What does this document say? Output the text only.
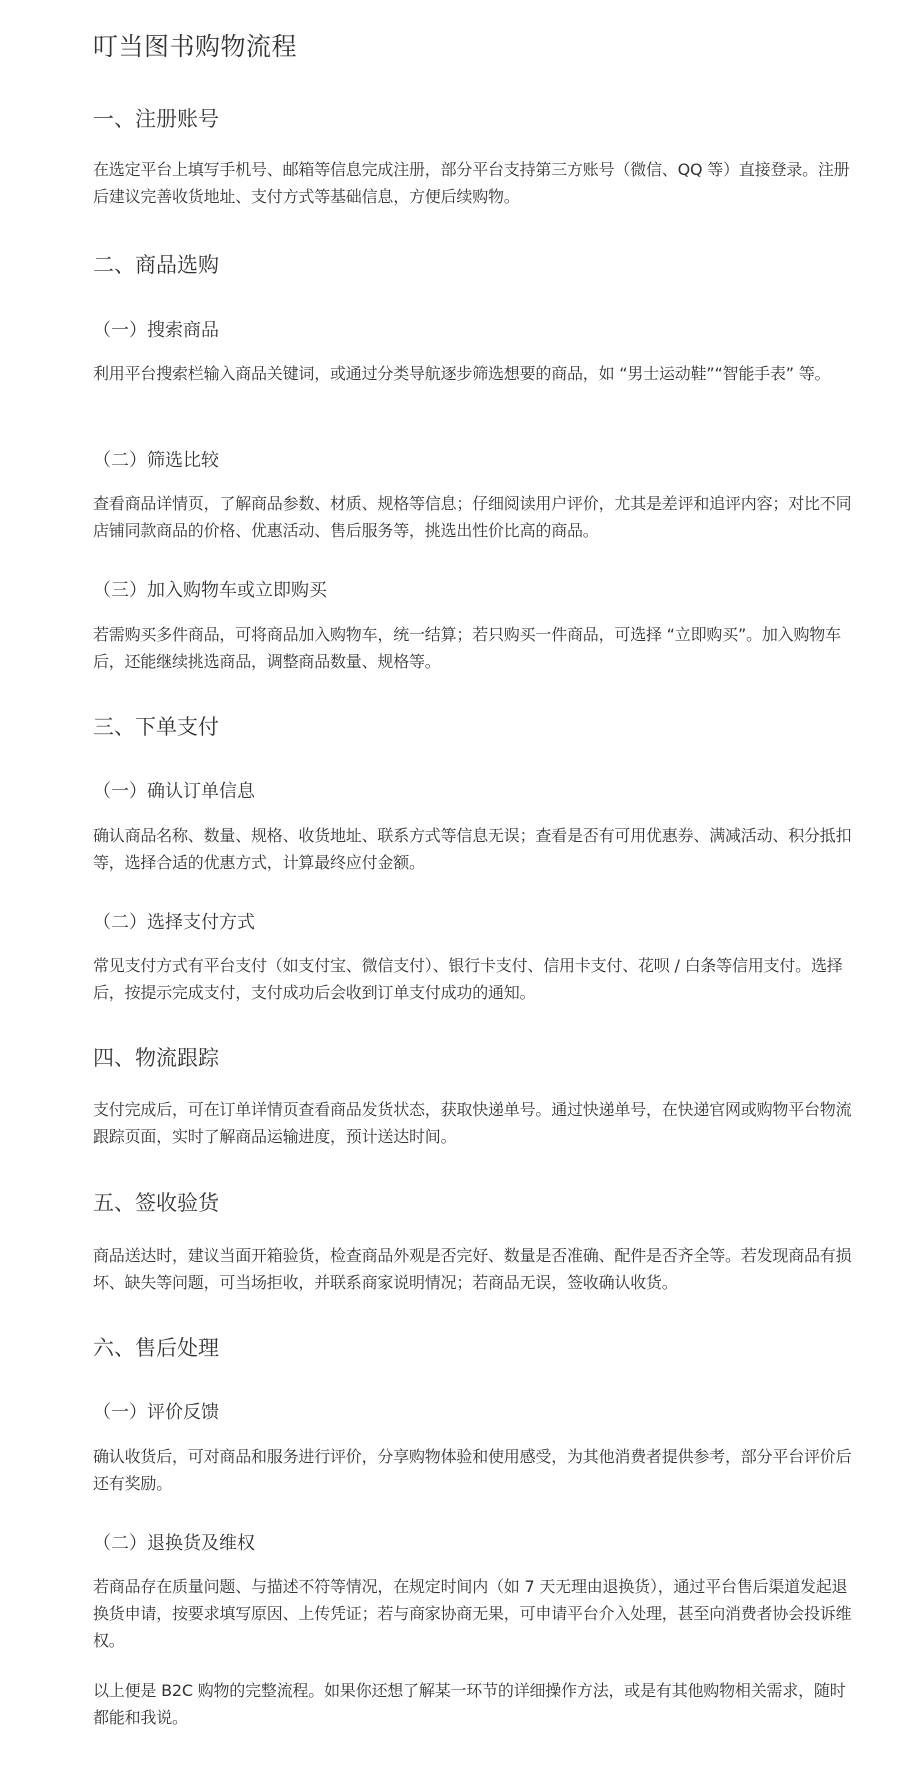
叮当图书购物流程
一、注册账号

在选定平台上填写手机号、邮箱等信息完成注册，部分平台支持第三方账号（微信、QQ 等）直接登录。注册后建议完善收货地址、支付方式等基础信息，方便后续购物。

二、商品选购
（一）搜索商品

利用平台搜索栏输入商品关键词，或通过分类导航逐步筛选想要的商品，如 “男士运动鞋”“智能手表” 等。

（二）筛选比较

查看商品详情页，了解商品参数、材质、规格等信息；仔细阅读用户评价，尤其是差评和追评内容；对比不同店铺同款商品的价格、优惠活动、售后服务等，挑选出性价比高的商品。

（三）加入购物车或立即购买

若需购买多件商品，可将商品加入购物车，统一结算；若只购买一件商品，可选择 “立即购买”。加入购物车后，还能继续挑选商品，调整商品数量、规格等。

三、下单支付
（一）确认订单信息

确认商品名称、数量、规格、收货地址、联系方式等信息无误；查看是否有可用优惠券、满减活动、积分抵扣等，选择合适的优惠方式，计算最终应付金额。

（二）选择支付方式

常见支付方式有平台支付（如支付宝、微信支付）、银行卡支付、信用卡支付、花呗 / 白条等信用支付。选择后，按提示完成支付，支付成功后会收到订单支付成功的通知。

四、物流跟踪

支付完成后，可在订单详情页查看商品发货状态，获取快递单号。通过快递单号，在快递官网或购物平台物流跟踪页面，实时了解商品运输进度，预计送达时间。

五、签收验货

商品送达时，建议当面开箱验货，检查商品外观是否完好、数量是否准确、配件是否齐全等。若发现商品有损坏、缺失等问题，可当场拒收，并联系商家说明情况；若商品无误，签收确认收货。

六、售后处理
（一）评价反馈

确认收货后，可对商品和服务进行评价，分享购物体验和使用感受，为其他消费者提供参考，部分平台评价后还有奖励。

（二）退换货及维权

若商品存在质量问题、与描述不符等情况，在规定时间内（如 7 天无理由退换货），通过平台售后渠道发起退换货申请，按要求填写原因、上传凭证；若与商家协商无果，可申请平台介入处理，甚至向消费者协会投诉维权。

以上便是 B2C 购物的完整流程。如果你还想了解某一环节的详细操作方法，或是有其他购物相关需求，随时都能和我说。
